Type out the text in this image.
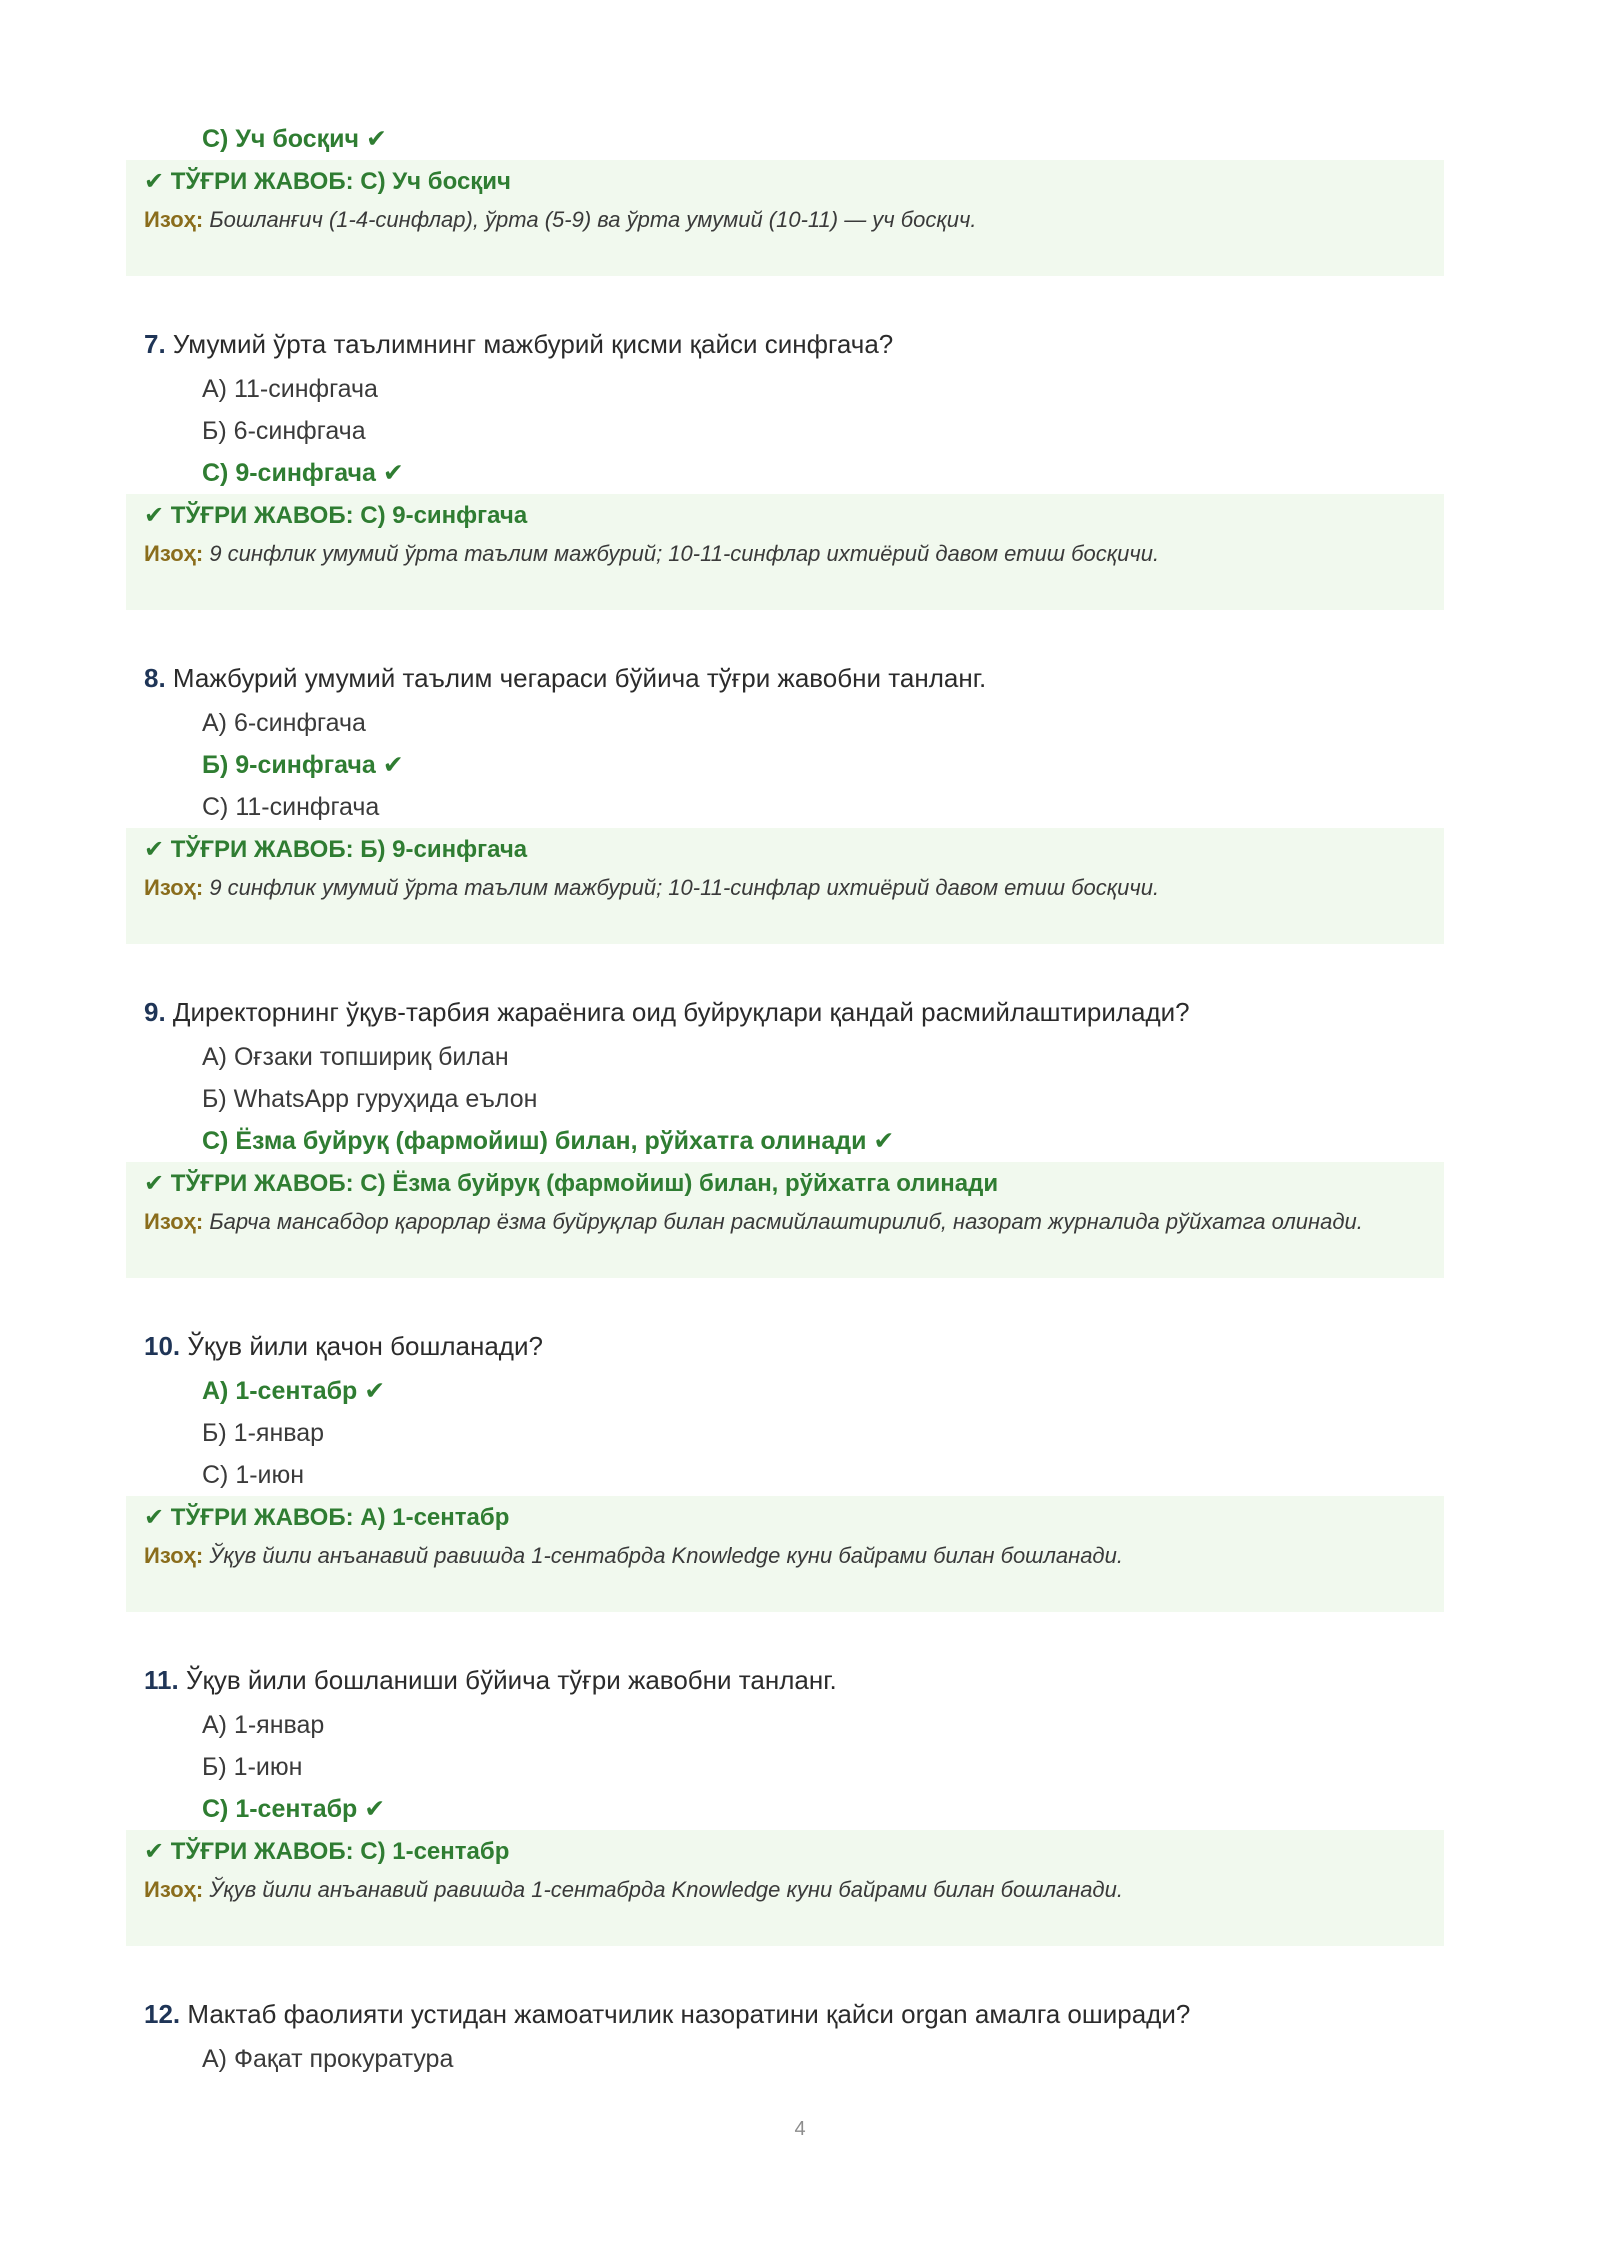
C) Уч босқич ✔
✔ ТЎҒРИ ЖАВОБ: C) Уч босқич
Изоҳ: Бошланғич (1-4-синфлар), ўрта (5-9) ва ўрта умумий (10-11) — уч босқич.
7. Умумий ўрта таълимнинг мажбурий қисми қайси синфгача?
A) 11-синфгача
Б) 6-синфгача
C) 9-синфгача ✔
✔ ТЎҒРИ ЖАВОБ: C) 9-синфгача
Изоҳ: 9 синфлик умумий ўрта таълим мажбурий; 10-11-синфлар ихтиёрий давом етиш босқичи.
8. Мажбурий умумий таълим чегараси бўйича тўғри жавобни танланг.
A) 6-синфгача
Б) 9-синфгача ✔
C) 11-синфгача
✔ ТЎҒРИ ЖАВОБ: Б) 9-синфгача
Изоҳ: 9 синфлик умумий ўрта таълим мажбурий; 10-11-синфлар ихтиёрий давом етиш босқичи.
9. Директорнинг ўқув-тарбия жараёнига оид буйруқлари қандай расмийлаштирилади?
A) Оғзаки топшириқ билан
Б) WhatsApp гуруҳида еълон
C) Ёзма буйруқ (фармойиш) билан, рўйхатга олинади ✔
✔ ТЎҒРИ ЖАВОБ: C) Ёзма буйруқ (фармойиш) билан, рўйхатга олинади
Изоҳ: Барча мансабдор қарорлар ёзма буйруқлар билан расмийлаштирилиб, назорат журналида рўйхатга олинади.
10. Ўқув йили қачон бошланади?
A) 1-сентабр ✔
Б) 1-январ
C) 1-июн
✔ ТЎҒРИ ЖАВОБ: A) 1-сентабр
Изоҳ: Ўқув йили анъанавий равишда 1-сентабрда Knowledge куни байрами билан бошланади.
11. Ўқув йили бошланиши бўйича тўғри жавобни танланг.
A) 1-январ
Б) 1-июн
C) 1-сентабр ✔
✔ ТЎҒРИ ЖАВОБ: C) 1-сентабр
Изоҳ: Ўқув йили анъанавий равишда 1-сентабрда Knowledge куни байрами билан бошланади.
12. Мактаб фаолияти устидан жамоатчилик назоратини қайси organ амалга оширади?
A) Фақат прокуратура
4
